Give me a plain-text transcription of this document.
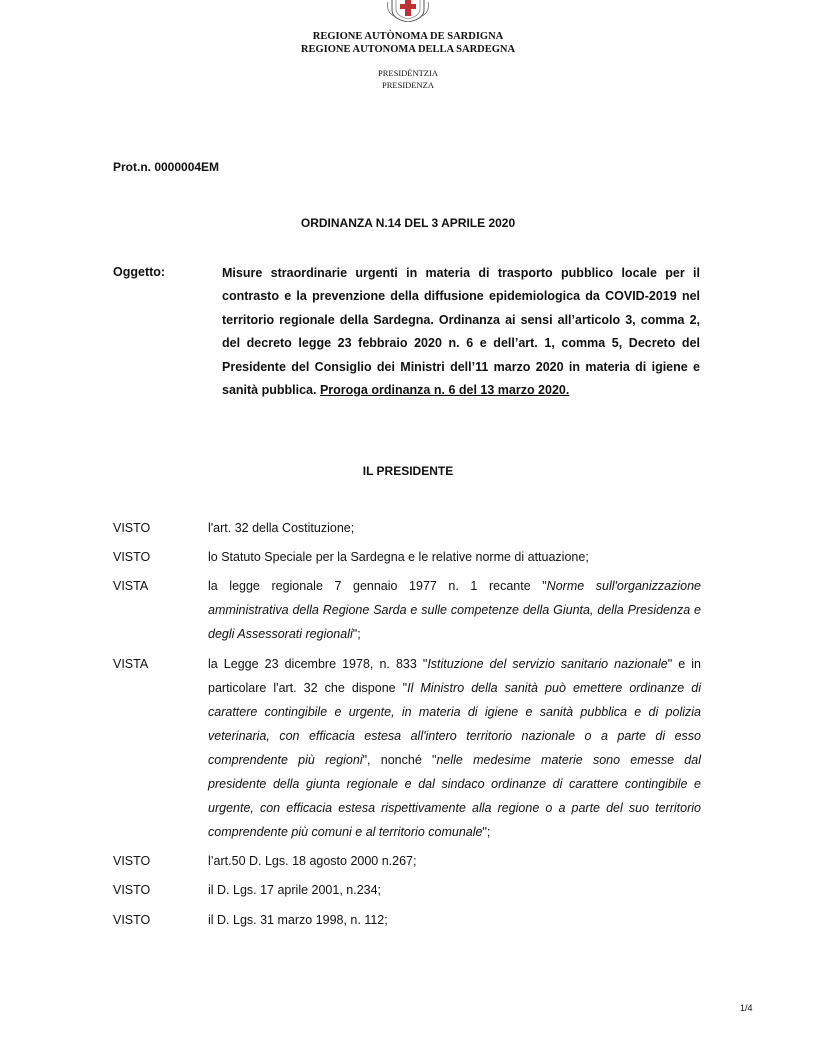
REGIONE AUTÒNOMA DE SARDIGNA
REGIONE AUTONOMA DELLA SARDEGNA
PRESIDÈNTZIA
PRESIDENZA
Prot.n. 0000004EM
ORDINANZA N.14 DEL 3 APRILE 2020
Oggetto:	Misure straordinarie urgenti in materia di trasporto pubblico locale per il contrasto e la prevenzione della diffusione epidemiologica da COVID-2019 nel territorio regionale della Sardegna. Ordinanza ai sensi all’articolo 3, comma 2, del decreto legge 23 febbraio 2020 n. 6 e dell’art. 1, comma 5, Decreto del Presidente del Consiglio dei Ministri dell’11 marzo 2020 in materia di igiene e sanità pubblica. Proroga ordinanza n. 6 del 13 marzo 2020.

IL PRESIDENTE
VISTO	l'art. 32 della Costituzione;
VISTO	lo Statuto Speciale per la Sardegna e le relative norme di attuazione;
VISTA	la legge regionale 7 gennaio 1977 n. 1 recante "Norme sull'organizzazione amministrativa della Regione Sarda e sulle competenze della Giunta, della Presidenza e degli Assessorati regionali";
VISTA	la Legge 23 dicembre 1978, n. 833 "Istituzione del servizio sanitario nazionale" e in particolare l'art. 32 che dispone "Il Ministro della sanità può emettere ordinanze di carattere contingibile e urgente, in materia di igiene e sanità pubblica e di polizia veterinaria, con efficacia estesa all'intero territorio nazionale o a parte di esso comprendente più regioni", nonché "nelle medesime materie sono emesse dal presidente della giunta regionale e dal sindaco ordinanze di carattere contingibile e urgente, con efficacia estesa rispettivamente alla regione o a parte del suo territorio comprendente più comuni e al territorio comunale";
VISTO	l’art.50 D. Lgs. 18 agosto 2000 n.267;
VISTO	il D. Lgs. 17 aprile 2001, n.234;
VISTO	il D. Lgs. 31 marzo 1998, n. 112;
1/4
